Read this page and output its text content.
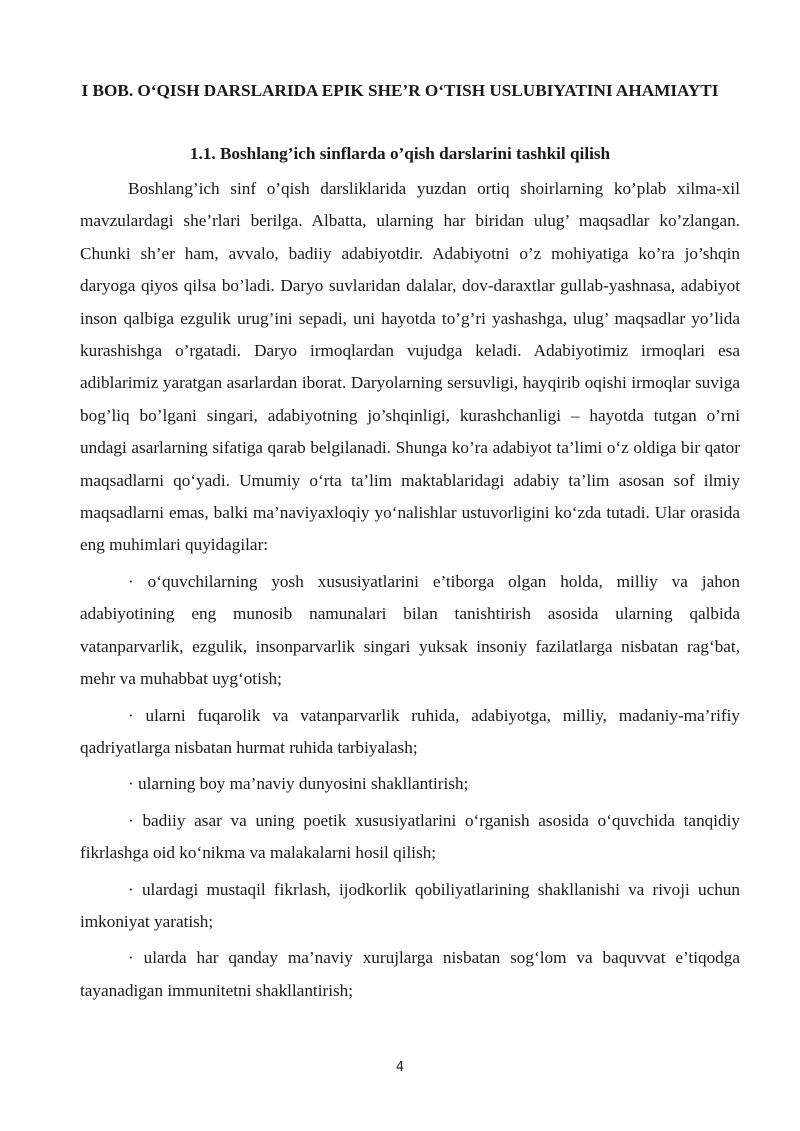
I BOB. O‘QISH DARSLARIDA EPIK SHE’R O‘TISH USLUBIYATINI AHAMIAYTI
1.1. Boshlang’ich sinflarda o’qish darslarini tashkil qilish

Boshlang’ich sinf o’qish darsliklarida yuzdan ortiq shoirlarning ko’plab xilma-xil mavzulardagi she’rlari berilga. Albatta, ularning har biridan ulug’ maqsadlar ko’zlangan. Chunki sh’er ham, avvalo, badiiy adabiyotdir. Adabiyotni o’z mohiyatiga ko’ra jo’shqin daryoga qiyos qilsa bo’ladi. Daryo suvlaridan dalalar, dov-daraxtlar gullab-yashnasa, adabiyot inson qalbiga ezgulik urug’ini sepadi, uni hayotda to’g’ri yashashga, ulug’ maqsadlar yo’lida kurashishga o’rgatadi. Daryo irmoqlardan vujudga keladi. Adabiyotimiz irmoqlari esa adiblarimiz yaratgan asarlardan iborat. Daryolarning sersuvligi, hayqirib oqishi irmoqlar suviga bog’liq bo’lgani singari, adabiyotning jo’shqinligi, kurashchanligi – hayotda tutgan o’rni undagi asarlarning sifatiga qarab belgilanadi. Shunga ko’ra adabiyot ta’limi o‘z oldiga bir qator maqsadlarni qo‘yadi. Umumiy o‘rta ta’lim maktablaridagi adabiy ta’lim asosan sof ilmiy maqsadlarni emas, balki ma’naviyaxloqiy yo‘nalishlar ustuvorligini ko‘zda tutadi. Ular orasida eng muhimlari quyidagilar:

· o‘quvchilarning yosh xususiyatlarini e’tiborga olgan holda, milliy va jahon adabiyotining eng munosib namunalari bilan tanishtirish asosida ularning qalbida vatanparvarlik, ezgulik, insonparvarlik singari yuksak insoniy fazilatlarga nisbatan rag‘bat, mehr va muhabbat uyg‘otish;

· ularni fuqarolik va vatanparvarlik ruhida, adabiyotga, milliy, madaniy-ma’rifiy qadriyatlarga nisbatan hurmat ruhida tarbiyalash;

· ularning boy ma’naviy dunyosini shakllantirish;

· badiiy asar va uning poetik xususiyatlarini o‘rganish asosida o‘quvchida tanqidiy fikrlashga oid ko‘nikma va malakalarni hosil qilish;

· ulardagi mustaqil fikrlash, ijodkorlik qobiliyatlarining shakllanishi va rivoji uchun imkoniyat yaratish;

· ularda har qanday ma’naviy xurujlarga nisbatan sog‘lom va baquvvat e’tiqodga tayanadigan immunitetni shakllantirish;

4
